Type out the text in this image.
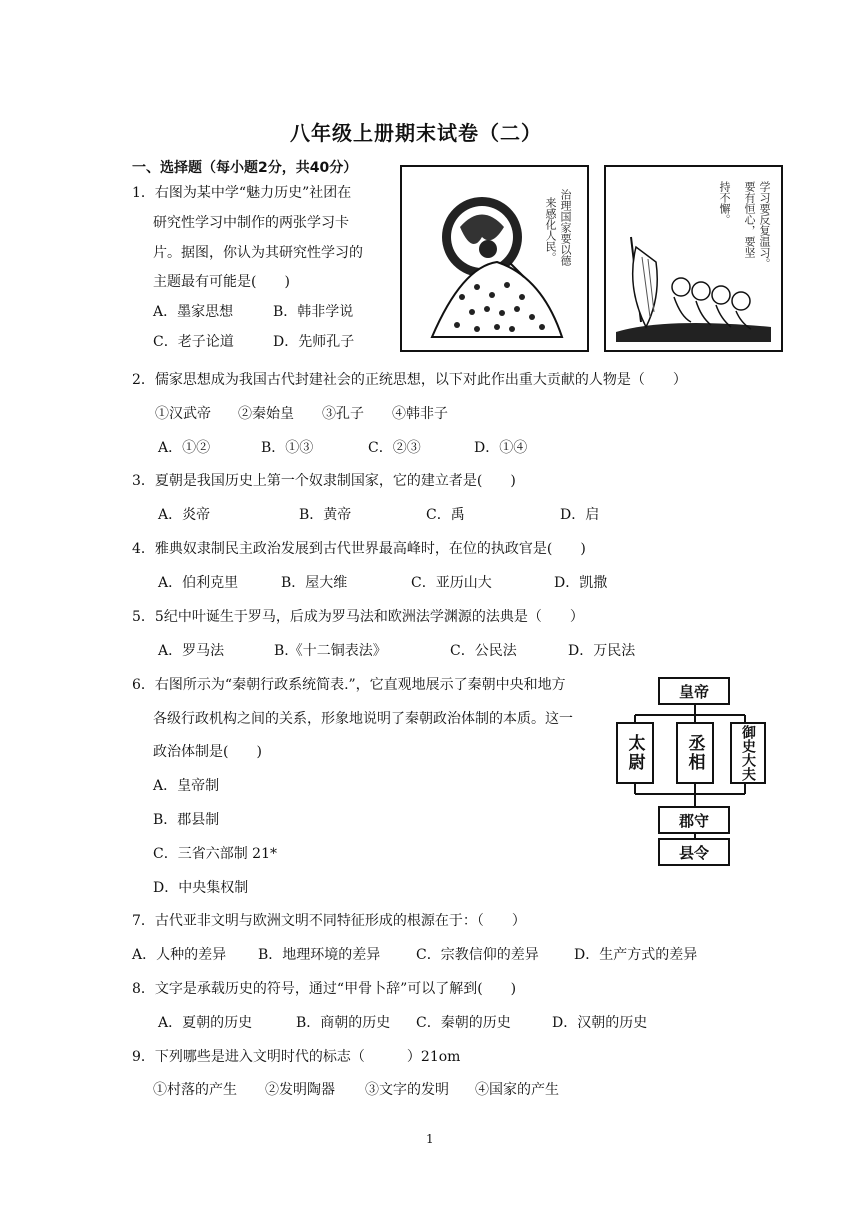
八年级上册期末试卷（二）
一、选择题（每小题2分，共40分）
治理国家要以德
来感化人民。	学习要反复温习。
要有恒心，要坚
持不懈。
1．右图为某中学“魅力历史”社团在
研究性学习中制作的两张学习卡
片。据图，你认为其研究性学习的
主题最有可能是(　　)
A．墨家思想	B．韩非学说
C．老子论道	D．先师孔子
2．儒家思想成为我国古代封建社会的正统思想，以下对此作出重大贡献的人物是（　　）
①汉武帝 ②秦始皇 ③孔子 ④韩非子
A．①②	B．①③	C．②③	D．①④
3．夏朝是我国历史上第一个奴隶制国家，它的建立者是(　　)
A．炎帝	B．黄帝	C．禹	D．启
4．雅典奴隶制民主政治发展到古代世界最高峰时，在位的执政官是(　　)
A．伯利克里	B．屋大维	C．亚历山大	D．凯撒
5．5纪中叶诞生于罗马，后成为罗马法和欧洲法学渊源的法典是（　　）
A．罗马法	B.《十二铜表法》	C．公民法	D．万民法
6．右图所示为“秦朝行政系统简表.”，它直观地展示了秦朝中央和地方
各级行政机构之间的关系，形象地说明了秦朝政治体制的本质。这一
政治体制是(　　)
A．皇帝制
B．郡县制
C．三省六部制 21*
D．中央集权制
皇帝
太尉	丞相	御史大夫
郡守
县令
7．古代亚非文明与欧洲文明不同特征形成的根源在于：（　　）
A．人种的差异 B．地理环境的差异	C．宗教信仰的差异	D．生产方式的差异
8．文字是承载历史的符号，通过“甲骨卜辞”可以了解到(　　)
A．夏朝的历史	B．商朝的历史 C．秦朝的历史	D．汉朝的历史
9．下列哪些是进入文明时代的标志（　　　）21om
①村落的产生 ②发明陶器 ③文字的发明 ④国家的产生
1
